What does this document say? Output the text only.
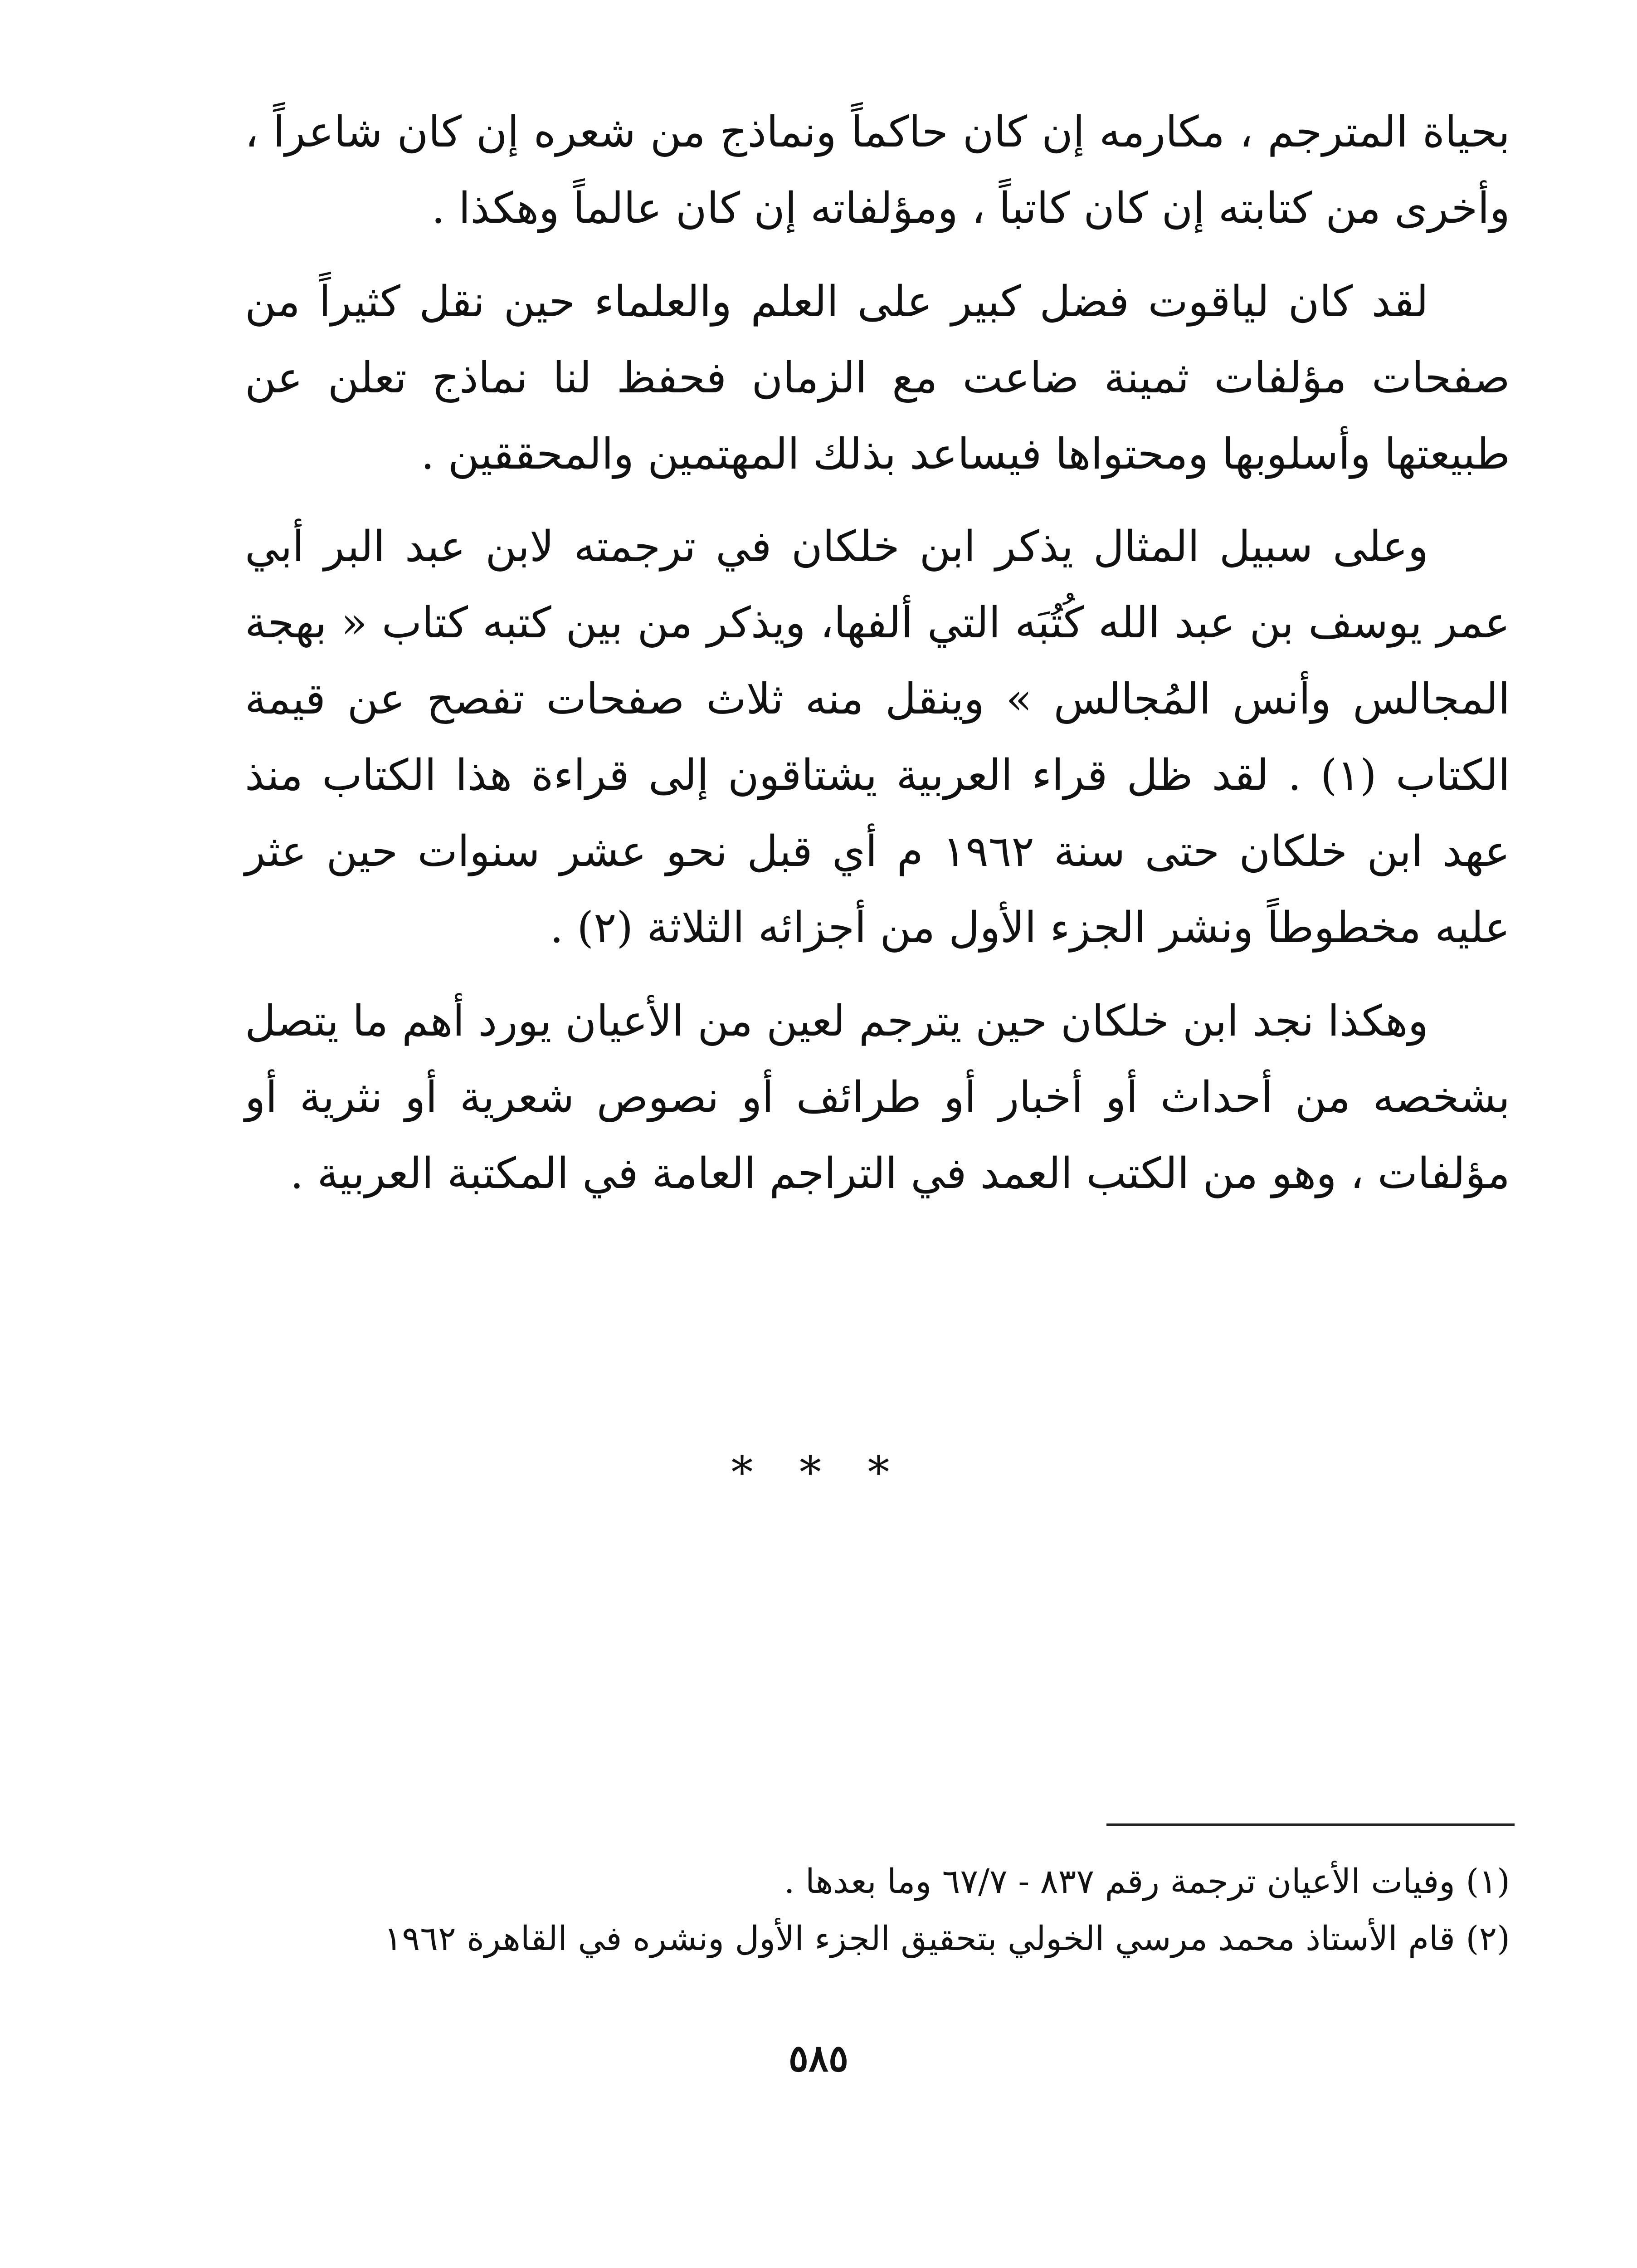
بحياة المترجم ، مكارمه إن كان حاكماً ونماذج من شعره إن كان شاعراً ، وأخرى من كتابته إن كان كاتباً ، ومؤلفاته إن كان عالماً وهكذا .

لقد كان لياقوت فضل كبير على العلم والعلماء حين نقل كثيراً من صفحات مؤلفات ثمينة ضاعت مع الزمان فحفظ لنا نماذج تعلن عن طبيعتها وأسلوبها ومحتواها فيساعد بذلك المهتمين والمحققين .

وعلى سبيل المثال يذكر ابن خلكان في ترجمته لابن عبد البر أبي عمر يوسف بن عبد الله كُتُبَه التي ألفها، ويذكر من بين كتبه كتاب « بهجة المجالس وأنس المُجالس » وينقل منه ثلاث صفحات تفصح عن قيمة الكتاب (١) . لقد ظل قراء العربية يشتاقون إلى قراءة هذا الكتاب منذ عهد ابن خلكان حتى سنة ١٩٦٢ م أي قبل نحو عشر سنوات حين عثر عليه مخطوطاً ونشر الجزء الأول من أجزائه الثلاثة (٢) .

وهكذا نجد ابن خلكان حين يترجم لعين من الأعيان يورد أهم ما يتصل بشخصه من أحداث أو أخبار أو طرائف أو نصوص شعرية أو نثرية أو مؤلفات ، وهو من الكتب العمد في التراجم العامة في المكتبة العربية .

* * *

(١) وفيات الأعيان ترجمة رقم ٨٣٧ - ٦٧/٧ وما بعدها .

(٢) قام الأستاذ محمد مرسي الخولي بتحقيق الجزء الأول ونشره في القاهرة ١٩٦٢

٥٨٥
